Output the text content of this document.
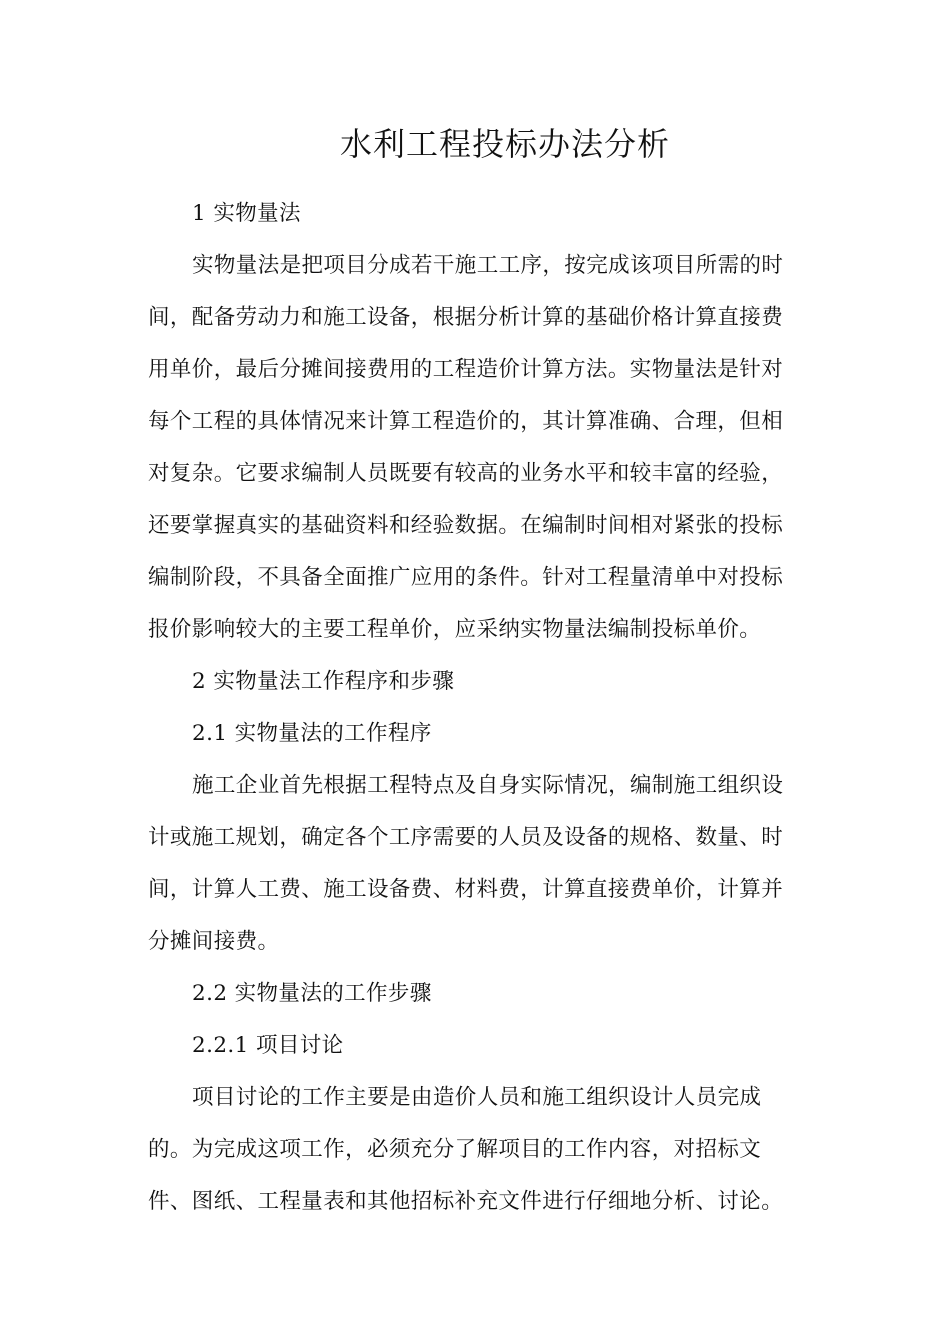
水利工程投标办法分析
1 实物量法
实物量法是把项目分成若干施工工序，按完成该项目所需的时
间，配备劳动力和施工设备，根据分析计算的基础价格计算直接费
用单价，最后分摊间接费用的工程造价计算方法。实物量法是针对
每个工程的具体情况来计算工程造价的，其计算准确、合理，但相
对复杂。它要求编制人员既要有较高的业务水平和较丰富的经验，
还要掌握真实的基础资料和经验数据。在编制时间相对紧张的投标
编制阶段，不具备全面推广应用的条件。针对工程量清单中对投标
报价影响较大的主要工程单价，应采纳实物量法编制投标单价。
2 实物量法工作程序和步骤
2.1 实物量法的工作程序
施工企业首先根据工程特点及自身实际情况，编制施工组织设
计或施工规划，确定各个工序需要的人员及设备的规格、数量、时
间，计算人工费、施工设备费、材料费，计算直接费单价，计算并
分摊间接费。
2.2 实物量法的工作步骤
2.2.1 项目讨论
项目讨论的工作主要是由造价人员和施工组织设计人员完成
的。为完成这项工作，必须充分了解项目的工作内容，对招标文
件、图纸、工程量表和其他招标补充文件进行仔细地分析、讨论。
